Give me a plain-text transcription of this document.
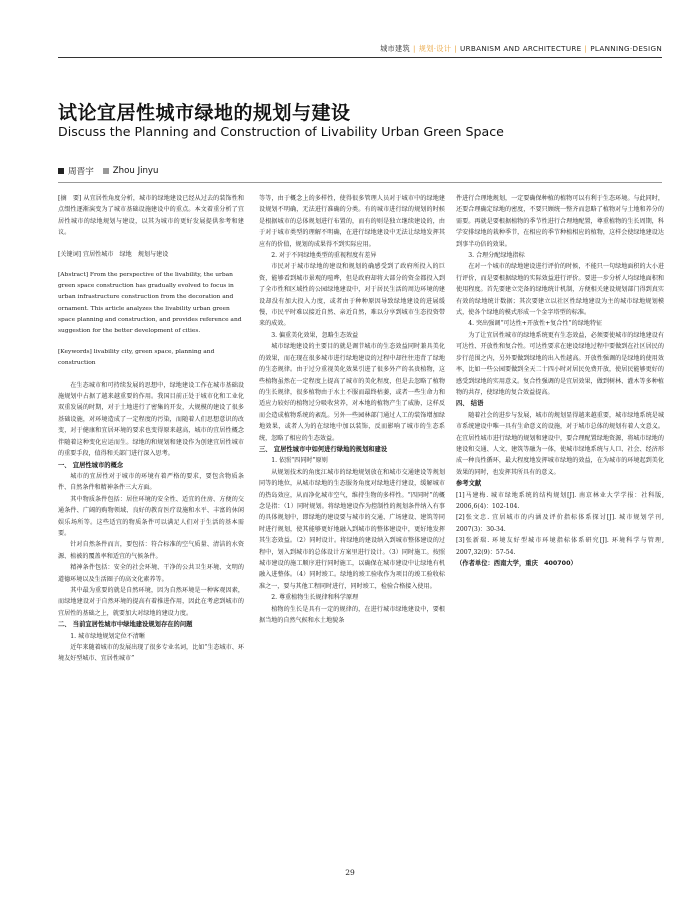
城市建筑 | 规划·设计 | URBANISM AND ARCHITECTURE | PLANNING·DESIGN
试论宜居性城市绿地的规划与建设
Discuss the Planning and Construction of Livability Urban Green Space
周晋宇 Zhou Jinyu

[摘　要] 从宜居性角度分析，城市的绿地建设已经从过去的装饰性和点缀性逐渐演变为了城市基础设施建设中的重点。本文着重分析了宜居性城市的绿地规划与建设，以其为城市的更好发展提供参考和建议。

[关键词] 宜居性城市　绿地　规划与建设

[Abstract] From the perspective of the livability, the urban green space construction has gradually evolved to focus in urban infrastructure construction from the decoration and ornament. This article analyzes the livability urban green space planning and construction, and provides reference and suggestion for the better development of cities.

[Keywords] livability city, green space, planning and construction

在生态城市和可持续发展的思想中，绿地建设工作在城市基础设施规划中占据了越来越重要的作用。我国目前正处于城市化和工业化双重发展的时期，对于土地进行了密集的开发，大规模的建设了很多基础设施，对环境造成了一定程度的污染，而随着人们思想意识的改变，对于健康和宜居环境的要求也变得原来越高，城市的宜居性概念伴随着这种变化应运而生。绿地的和规划和建设作为创建宜居性城市的重要手段，值得和关部门进行深入思考。

一、 宜居性城市的概念

城市的宜居性对于城市的环境有着严格的要求，要包含物质条件、自然条件和精神条件三大方面。

其中物质条件包括：居住环境的安全性、适宜的住房、方便的交通条件、广阔的购物领域、良好的教育医疗设施和水平、丰富的休闲娱乐场所等。这些适宜的物质条件可以满足人们对于生活的基本需要。

针对自然条件而言，要包括：符合标准的空气质量、清洁的水资源、植被的覆盖率和适宜的气候条件。

精神条件包括：安全的社会环境、干净的公共卫生环境、文明的道德环境以及生活圈子的高文化素养等。

其中最为重要的就是自然环境，因为自然环境是一种客观因素，而绿地建设对于自然环境的提高有着推进作用，因此在考虑到城市的宜居性的基础之上，就要加大对绿地的建设力度。

二、 当前宜居性城市中绿地建设规划存在的问题

1. 城市绿地规划定位不清晰

近年来随着城市的发展出现了很多专业名词，比如“生态城市、环境友好型城市、宜居性城市”

等等，由于概念上的多样性，使得很多管理人员对于城市中的绿地建设规划不明确，无法进行准确的分类。有的城市进行绿的规划的时候是根据城市的总体规划进行布置的，而有的则是独立继续建设的，由于对于城市类型的理解不明确，在进行绿地建设中无法让绿地发挥其应有的价值，规划的成果得不到实际应用。

2. 对于不同绿地类型的重视程度有差异

市民对于城市绿地的建设和规划的确感受到了政府所投入的巨资，能够看到城市景观的喧哗，但是政府却将大部分的资金都投入到了全市性和区域性的公园绿地建设中，对于居民生活的周边环境的建设却没有加大投入力度，或者由于种种原因导致绿地建设的进展缓慢，市民平时难以接近自然、亲近自然，难以分享到城市生态投资带来的成效。

3. 偏重美化效果，忽略生态效益

城市绿地建设的主要目的就是调节城市的生态效益同时兼具美化的效果，而在现在很多城市进行绿地建设的过程中却往往违背了绿地的生态规律。由于过分重视美化效果引进了很多外产的名贵植物，这些植物虽然在一定程度上提高了城市的美化程度，但是去忽略了植物的生长规律，很多植物由于水土不服而最终枯萎，或者一些生命力和适应力较好的植物过分吸收营养，对本地的植物产生了威胁，这样反而会造成植物系统的紊乱。另外一些园林部门通过人工的装饰增加绿地效果，或者人为的在绿地中加以装饰，反而影响了城市的生态系统，忽略了相应的生态效益。

三、 宜居性城市中如何进行绿地的规划和建设

1. 依照“四同时”原则

从规划技术的角度江城市的绿地规划放在和城市交通建设等规划同等的地位，从城市绿地的生态服务角度对绿地进行建设，缓解城市的热岛效应，从而净化城市空气，维持生物的多样性。“四同时”的概念是指：（1）同时规划。将绿地建设作为控制性的规划条件纳入有事的具体规划中，即绿地的建设要与城市的交通、广场建设、建筑等同时进行规划，使其能够更好地融入到城市的整体建设中，更好地发挥其生态效益。（2）同时设计。将绿地的建设纳入到城市整体建设的过程中，划入到城市的总体设计方案里进行设计。（3）同时施工。按照城市建设的施工顺序进行同时施工，以确保在城市建设中让绿地有机融入进整体。（4）同时竣工。绿地的竣工验收作为项目的竣工验收标准之一，要与其他工程同时进行，同时竣工，检验合格接入使用。

2. 尊重植物生长规律和科学原理

植物的生长是具有一定的规律的，在进行城市绿地建设中，要根据当地的自然气候和水土地貌条

件进行合理地规划，一定要确保种植的植物可以有利于生态环境。与此同时，还要合理确定绿地的密度，不要只顾统一整齐而忽略了植物对与土地和养分的需要。再就是要根据植物的季节性进行合理地配置，尊重植物的生长周期，科学安排绿地的栽种季节，在相应的季节种植相应的植物，这样会使绿地建设达到事半功倍的效果。

3. 合理分配绿地指标

在对一个城市的绿地建设进行评价的时候，不能只一句绿地面积的大小进行评价，而是要根据绿地的实际效益进行评价。要进一步分析人均绿地面积和使用程度。首先要建立完备的绿地统计机制，方便相关建设规划部门得到真实有效的绿地统计数据；其次要建立以社区性绿地建设为主的城市绿地规划模式，使各个绿地的模式形成一个金字塔型的标准。

4. 突出强调“可达性+开放性+复合性”的绿地特征

为了让宜居性城市的绿地系统更有生态效益，必须要使城市的绿地建设有可达性、开放性和复合性。可达性要求在建设绿地过程中要做到在社区居民的步行范围之内，另外要做到绿地的出入性越高。开放性强调的是绿地的使用效率，比如一些公园要做到全天二十四小时对居民免费开放，使居民能够更好的感受到绿地的实用意义。复合性强调的是宜居效果，做到树林、灌木等多种植物的共存，使绿地的复合效益提高。

四、 结语

随着社会的进步与发展，城市的规划显得越来越重要，城市绿地系统是城市系统建设中唯一具有生命意义的设施，对于城市总体的规划有着人文意义。在宜居性城市进行绿地的规划和建设中，要合理配置绿地资源，将城市绿地的建设和交通、人文、建筑等融为一体，使城市绿地系统与人口、社会、经济形成一种良性循环，最大程度地发挥城市绿地的效益，在为城市的环境起到美化效果的同时，也发挥其所具有的意义。

参考文献

[1]马建梅. 城市绿地系统的结构规划[J]. 南京林业大学学报：社科版, 2006,6(4)：102-104.

[2]张文忠. 宜居城市的内涵及评价指标体系探讨[J]. 城市规划学刊, 2007(3)：30-34.

[3]张新瑞. 环境友好型城市环境指标体系研究[J]. 环境科学与管理, 2007,32(9)：57-54.

（作者单位：西南大学，重庆　400700）
29
